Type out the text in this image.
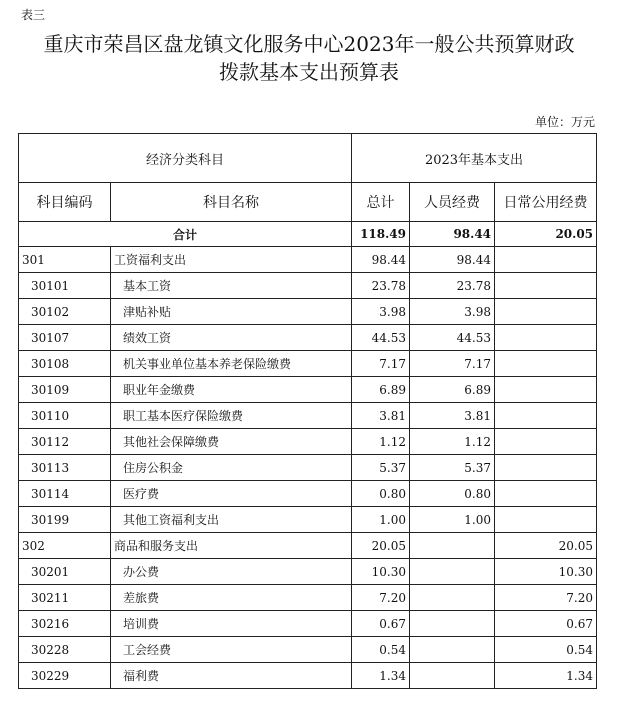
表三
重庆市荣昌区盘龙镇文化服务中心2023年一般公共预算财政
拨款基本支出预算表
单位：万元
经济分类科目		2023年基本支出		
科目编码	科目名称	总计	人员经费	日常公用经费
合计		118.49	98.44	20.05
301	工资福利支出	98.44	98.44	
30101	基本工资	23.78	23.78	
30102	津贴补贴	3.98	3.98	
30107	绩效工资	44.53	44.53	
30108	机关事业单位基本养老保险缴费	7.17	7.17	
30109	职业年金缴费	6.89	6.89	
30110	职工基本医疗保险缴费	3.81	3.81	
30112	其他社会保障缴费	1.12	1.12	
30113	住房公积金	5.37	5.37	
30114	医疗费	0.80	0.80	
30199	其他工资福利支出	1.00	1.00	
302	商品和服务支出	20.05		20.05
30201	办公费	10.30		10.30
30211	差旅费	7.20		7.20
30216	培训费	0.67		0.67
30228	工会经费	0.54		0.54
30229	福利费	1.34		1.34
